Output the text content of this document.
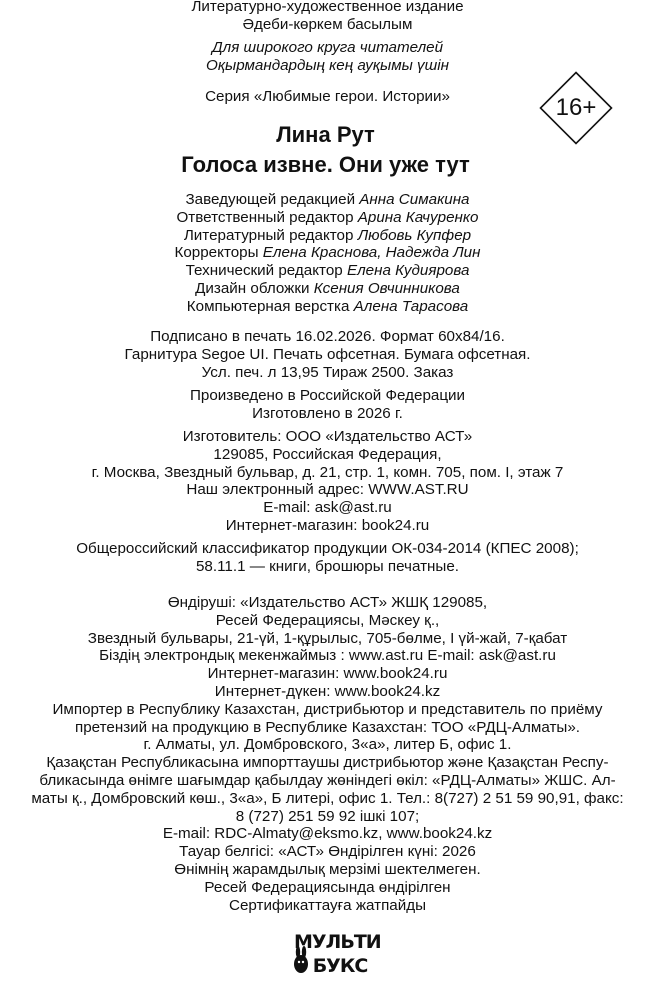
Литературно-художественное издание
Әдеби-көркем басылым
Для широкого круга читателей
Оқырмандардың кең ауқымы үшін
Серия «Любимые герои. Истории»	16+
Лина Рут
Голоса извне. Они уже тут
Заведующей редакцией Анна Симакина
Ответственный редактор Арина Качуренко
Литературный редактор Любовь Купфер
Корректоры Елена Краснова, Надежда Лин
Технический редактор Елена Кудиярова
Дизайн обложки Ксения Овчинникова
Компьютерная верстка Алена Тарасова
Подписано в печать 16.02.2026. Формат 60x84/16.
Гарнитура Segoe UI. Печать офсетная. Бумага офсетная.
Усл. печ. л 13,95 Тираж 2500. Заказ
Произведено в Российской Федерации
Изготовлено в 2026 г.
Изготовитель: ООО «Издательство АСТ»
129085, Российская Федерация,
г. Москва, Звездный бульвар, д. 21, стр. 1, комн. 705, пом. I, этаж 7
Наш электронный адрес: WWW.AST.RU
E-mail: ask@ast.ru
Интернет-магазин: book24.ru
Общероссийский классификатор продукции ОК-034-2014 (КПЕС 2008);
58.11.1 — книги, брошюры печатные.
Өндіруші: «Издательство АСТ» ЖШҚ 129085,
Ресей Федерациясы, Мәскеу қ.,
Звездный бульвары, 21-үй, 1-құрылыс, 705-бөлме, I үй-жай, 7-қабат
Біздің электрондық мекенжаймыз : www.ast.ru E-mail: ask@ast.ru
Интернет-магазин: www.book24.ru
Интернет-дүкен: www.book24.kz
Импортер в Республику Казахстан, дистрибьютор и представитель по приёму
претензий на продукцию в Республике Казахстан: ТОО «РДЦ-Алматы».
г. Алматы, ул. Домбровского, 3«а», литер Б, офис 1.
Қазақстан Республикасына импорттаушы дистрибьютор және Қазақстан Респу-
бликасында өнімге шағымдар қабылдау жөніндегі өкіл: «РДЦ-Алматы» ЖШС. Ал-
маты қ., Домбровский көш., 3«а», Б литері, офис 1. Тел.: 8(727) 2 51 59 90,91, факс:
8 (727) 251 59 92 ішкі 107;
E-mail: RDC-Almaty@eksmo.kz, www.book24.kz
Тауар белгісі: «АСТ» Өндірілген күні: 2026
Өнімнің жарамдылық мерзімі шектелмеген.
Ресей Федерациясында өндірілген
Сертификаттауға жатпайды
МУЛЬТИ
БУКС
